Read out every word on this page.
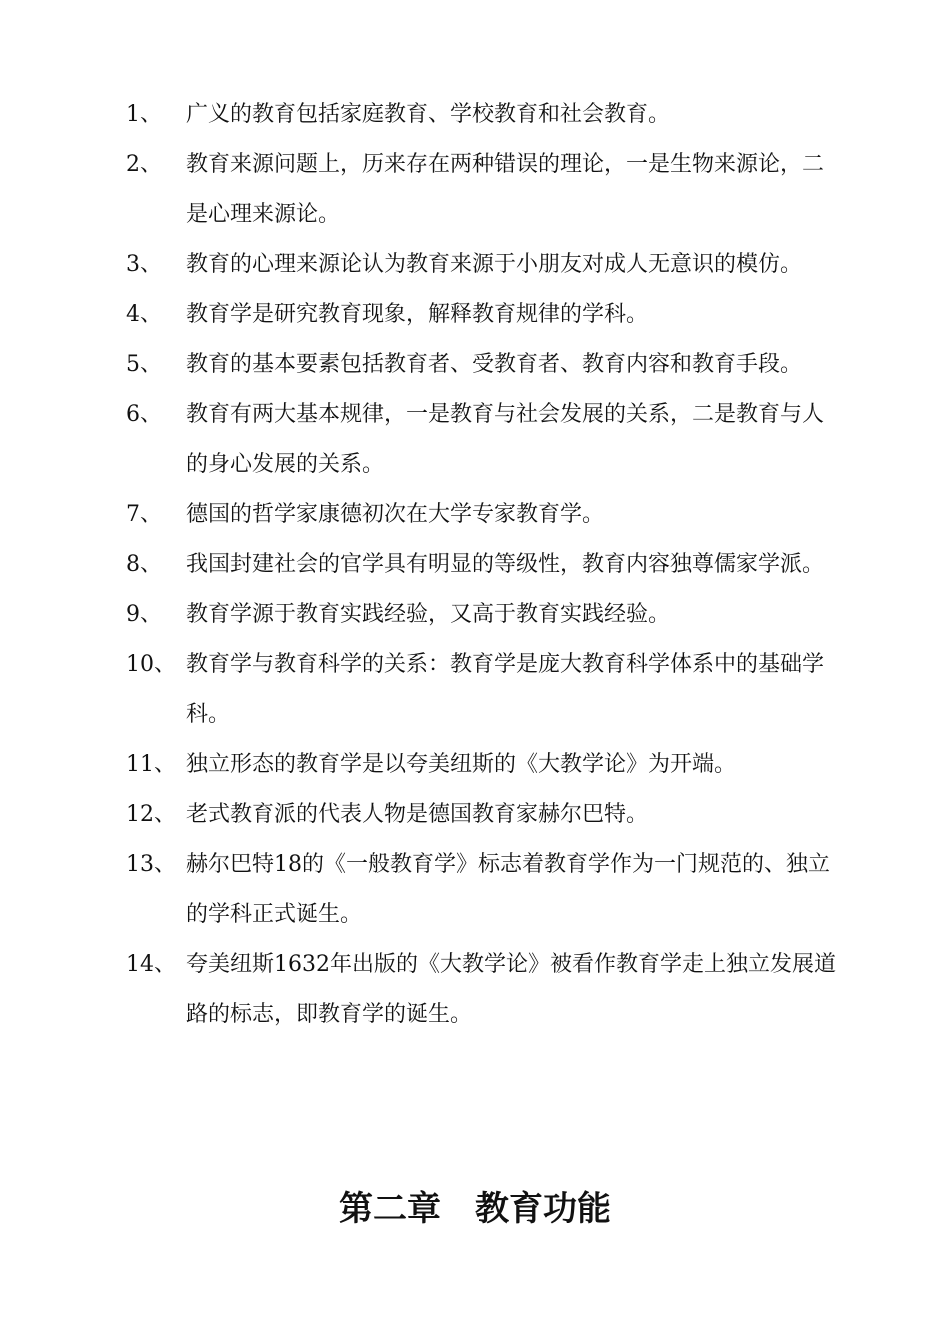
1、	广义的教育包括家庭教育、学校教育和社会教育。
2、	教育来源问题上，历来存在两种错误的理论，一是生物来源论，二是心理来源论。
3、	教育的心理来源论认为教育来源于小朋友对成人无意识的模仿。
4、	教育学是研究教育现象，解释教育规律的学科。
5、	教育的基本要素包括教育者、受教育者、教育内容和教育手段。
6、	教育有两大基本规律，一是教育与社会发展的关系，二是教育与人的身心发展的关系。
7、	德国的哲学家康德初次在大学专家教育学。
8、	我国封建社会的官学具有明显的等级性，教育内容独尊儒家学派。
9、	教育学源于教育实践经验，又高于教育实践经验。
10、 教育学与教育科学的关系：教育学是庞大教育科学体系中的基础学科。
11、 独立形态的教育学是以夸美纽斯的《大教学论》为开端。
12、 老式教育派的代表人物是德国教育家赫尔巴特。
13、 赫尔巴特18的《一般教育学》标志着教育学作为一门规范的、独立的学科正式诞生。
14、 夸美纽斯1632年出版的《大教学论》被看作教育学走上独立发展道路的标志，即教育学的诞生。
第二章　教育功能
